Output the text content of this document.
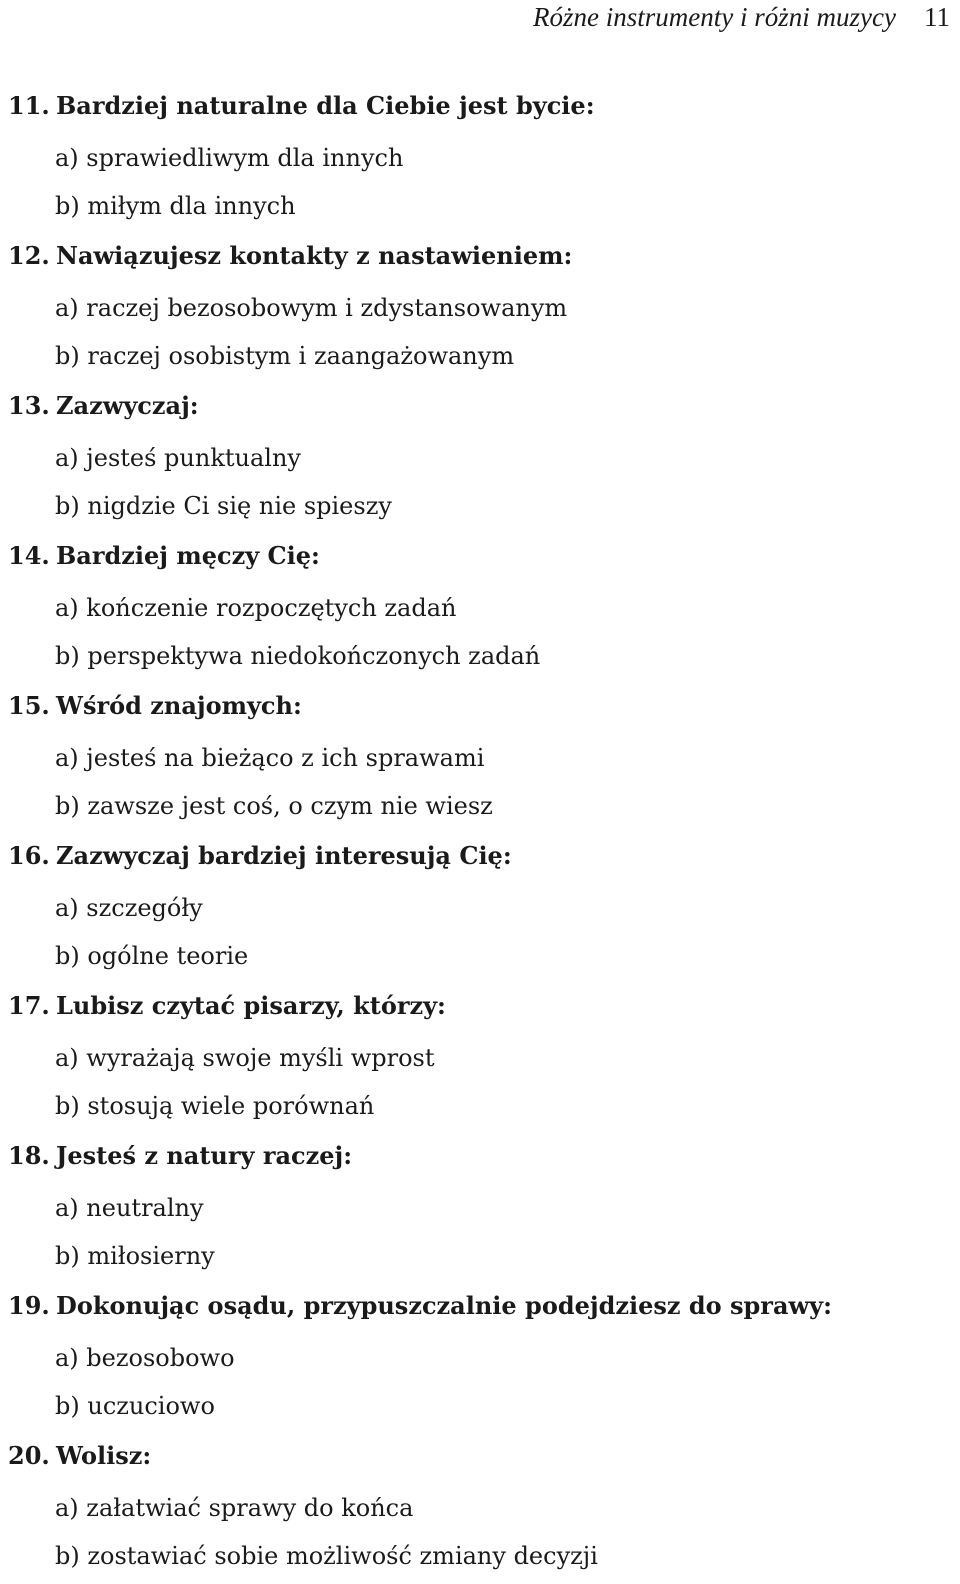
Różne instrumenty i różni muzycy 11
11. Bardziej naturalne dla Ciebie jest bycie:
a) sprawiedliwym dla innych
b) miłym dla innych
12. Nawiązujesz kontakty z nastawieniem:
a) raczej bezosobowym i zdystansowanym
b) raczej osobistym i zaangażowanym
13. Zazwyczaj:
a) jesteś punktualny
b) nigdzie Ci się nie spieszy
14. Bardziej męczy Cię:
a) kończenie rozpoczętych zadań
b) perspektywa niedokończonych zadań
15. Wśród znajomych:
a) jesteś na bieżąco z ich sprawami
b) zawsze jest coś, o czym nie wiesz
16. Zazwyczaj bardziej interesują Cię:
a) szczegóły
b) ogólne teorie
17. Lubisz czytać pisarzy, którzy:
a) wyrażają swoje myśli wprost
b) stosują wiele porównań
18. Jesteś z natury raczej:
a) neutralny
b) miłosierny
19. Dokonując osądu, przypuszczalnie podejdziesz do sprawy:
a) bezosobowo
b) uczuciowo
20. Wolisz:
a) załatwiać sprawy do końca
b) zostawiać sobie możliwość zmiany decyzji
